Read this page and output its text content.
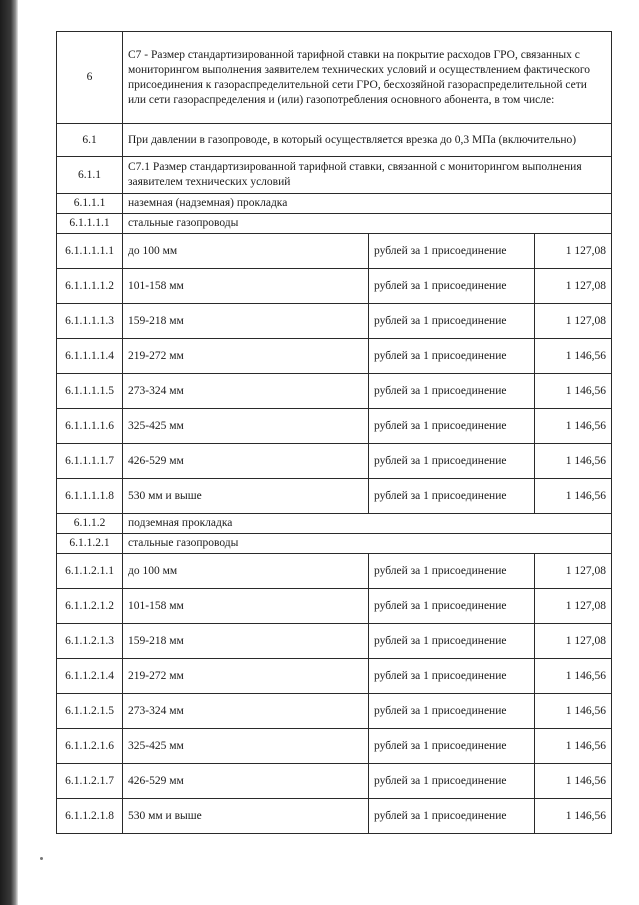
6	С7 - Размер стандартизированной тарифной ставки на покрытие расходов ГРО, связанных с мониторингом выполнения заявителем технических условий и осуществлением фактического присоединения к газораспределительной сети ГРО, бесхозяйной газораспределительной сети или сети газораспределения и (или) газопотребления основного абонента, в том числе:		
6.1	При давлении в газопроводе, в который осуществляется врезка до 0,3 МПа (включительно)		
6.1.1	С7.1 Размер стандартизированной тарифной ставки, связанной с мониторингом выполнения заявителем технических условий		
6.1.1.1	наземная (надземная) прокладка		
6.1.1.1.1	стальные газопроводы		
6.1.1.1.1.1	до 100 мм	рублей за 1 присоединение	1 127,08
6.1.1.1.1.2	101-158 мм	рублей за 1 присоединение	1 127,08
6.1.1.1.1.3	159-218 мм	рублей за 1 присоединение	1 127,08
6.1.1.1.1.4	219-272 мм	рублей за 1 присоединение	1 146,56
6.1.1.1.1.5	273-324 мм	рублей за 1 присоединение	1 146,56
6.1.1.1.1.6	325-425 мм	рублей за 1 присоединение	1 146,56
6.1.1.1.1.7	426-529 мм	рублей за 1 присоединение	1 146,56
6.1.1.1.1.8	530 мм и выше	рублей за 1 присоединение	1 146,56
6.1.1.2	подземная прокладка		
6.1.1.2.1	стальные газопроводы		
6.1.1.2.1.1	до 100 мм	рублей за 1 присоединение	1 127,08
6.1.1.2.1.2	101-158 мм	рублей за 1 присоединение	1 127,08
6.1.1.2.1.3	159-218 мм	рублей за 1 присоединение	1 127,08
6.1.1.2.1.4	219-272 мм	рублей за 1 присоединение	1 146,56
6.1.1.2.1.5	273-324 мм	рублей за 1 присоединение	1 146,56
6.1.1.2.1.6	325-425 мм	рублей за 1 присоединение	1 146,56
6.1.1.2.1.7	426-529 мм	рублей за 1 присоединение	1 146,56
6.1.1.2.1.8	530 мм и выше	рублей за 1 присоединение	1 146,56
